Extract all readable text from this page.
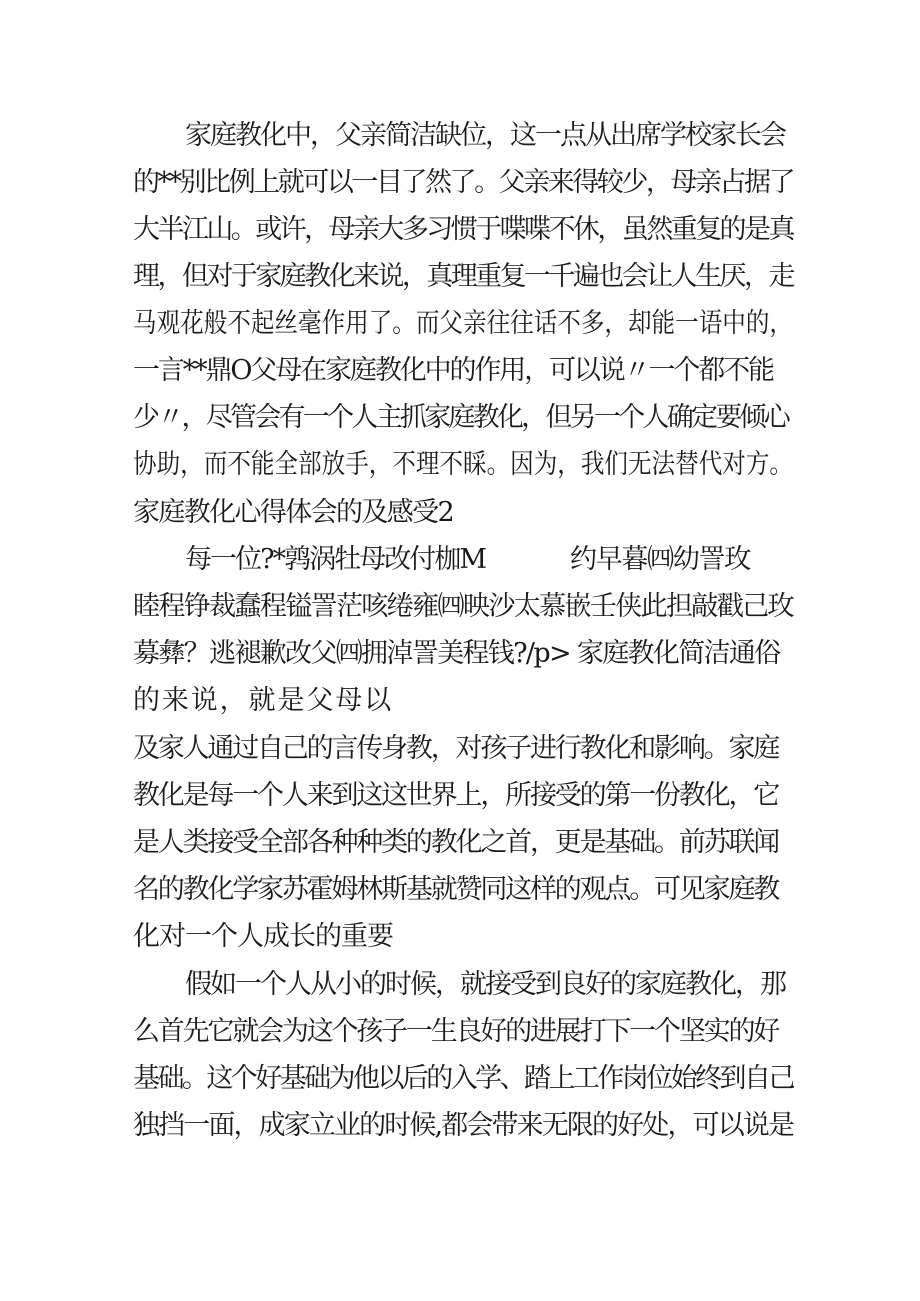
家庭教化中，父亲简洁缺位，这一点从出席学校家长会

的**别比例上就可以一目了然了。父亲来得较少，母亲占据了

大半江山。或许，母亲大多习惯于喋喋不休，虽然重复的是真

理，但对于家庭教化来说，真理重复一千遍也会让人生厌，走

马观花般不起丝毫作用了。而父亲往往话不多，却能一语中的，

一言**鼎O父母在家庭教化中的作用，可以说〃一个都不能

少〃，尽管会有一个人主抓家庭教化，但另一个人确定要倾心

协助，而不能全部放手，不理不睬。因为，我们无法替代对方。

家庭教化心得体会的及感受2

每一位?*鹑涡牡母改付枷M	约早暮㈣幼詈玫

睦程铮裁蠢程镒詈茫咳绻雍㈣映沙太慕嵌壬侠此担敲戳己玫

募彝？逃褪歉改父㈣拥淖詈美程钱?/p> 家庭教化简洁通俗

的来说，就是父母以

及家人通过自己的言传身教，对孩子进行教化和影响。家庭

教化是每一个人来到这这世界上，所接受的第一份教化，它

是人类接受全部各种种类的教化之首，更是基础。前苏联闻

名的教化学家苏霍姆林斯基就赞同这样的观点。可见家庭教

化对一个人成长的重要

假如一个人从小的时候，就接受到良好的家庭教化，那

么首先它就会为这个孩子一生良好的进展打下一个坚实的好

基础。这个好基础为他以后的入学、踏上工作岗位始终到自己

独挡一面，成家立业的时候,都会带来无限的好处，可以说是
